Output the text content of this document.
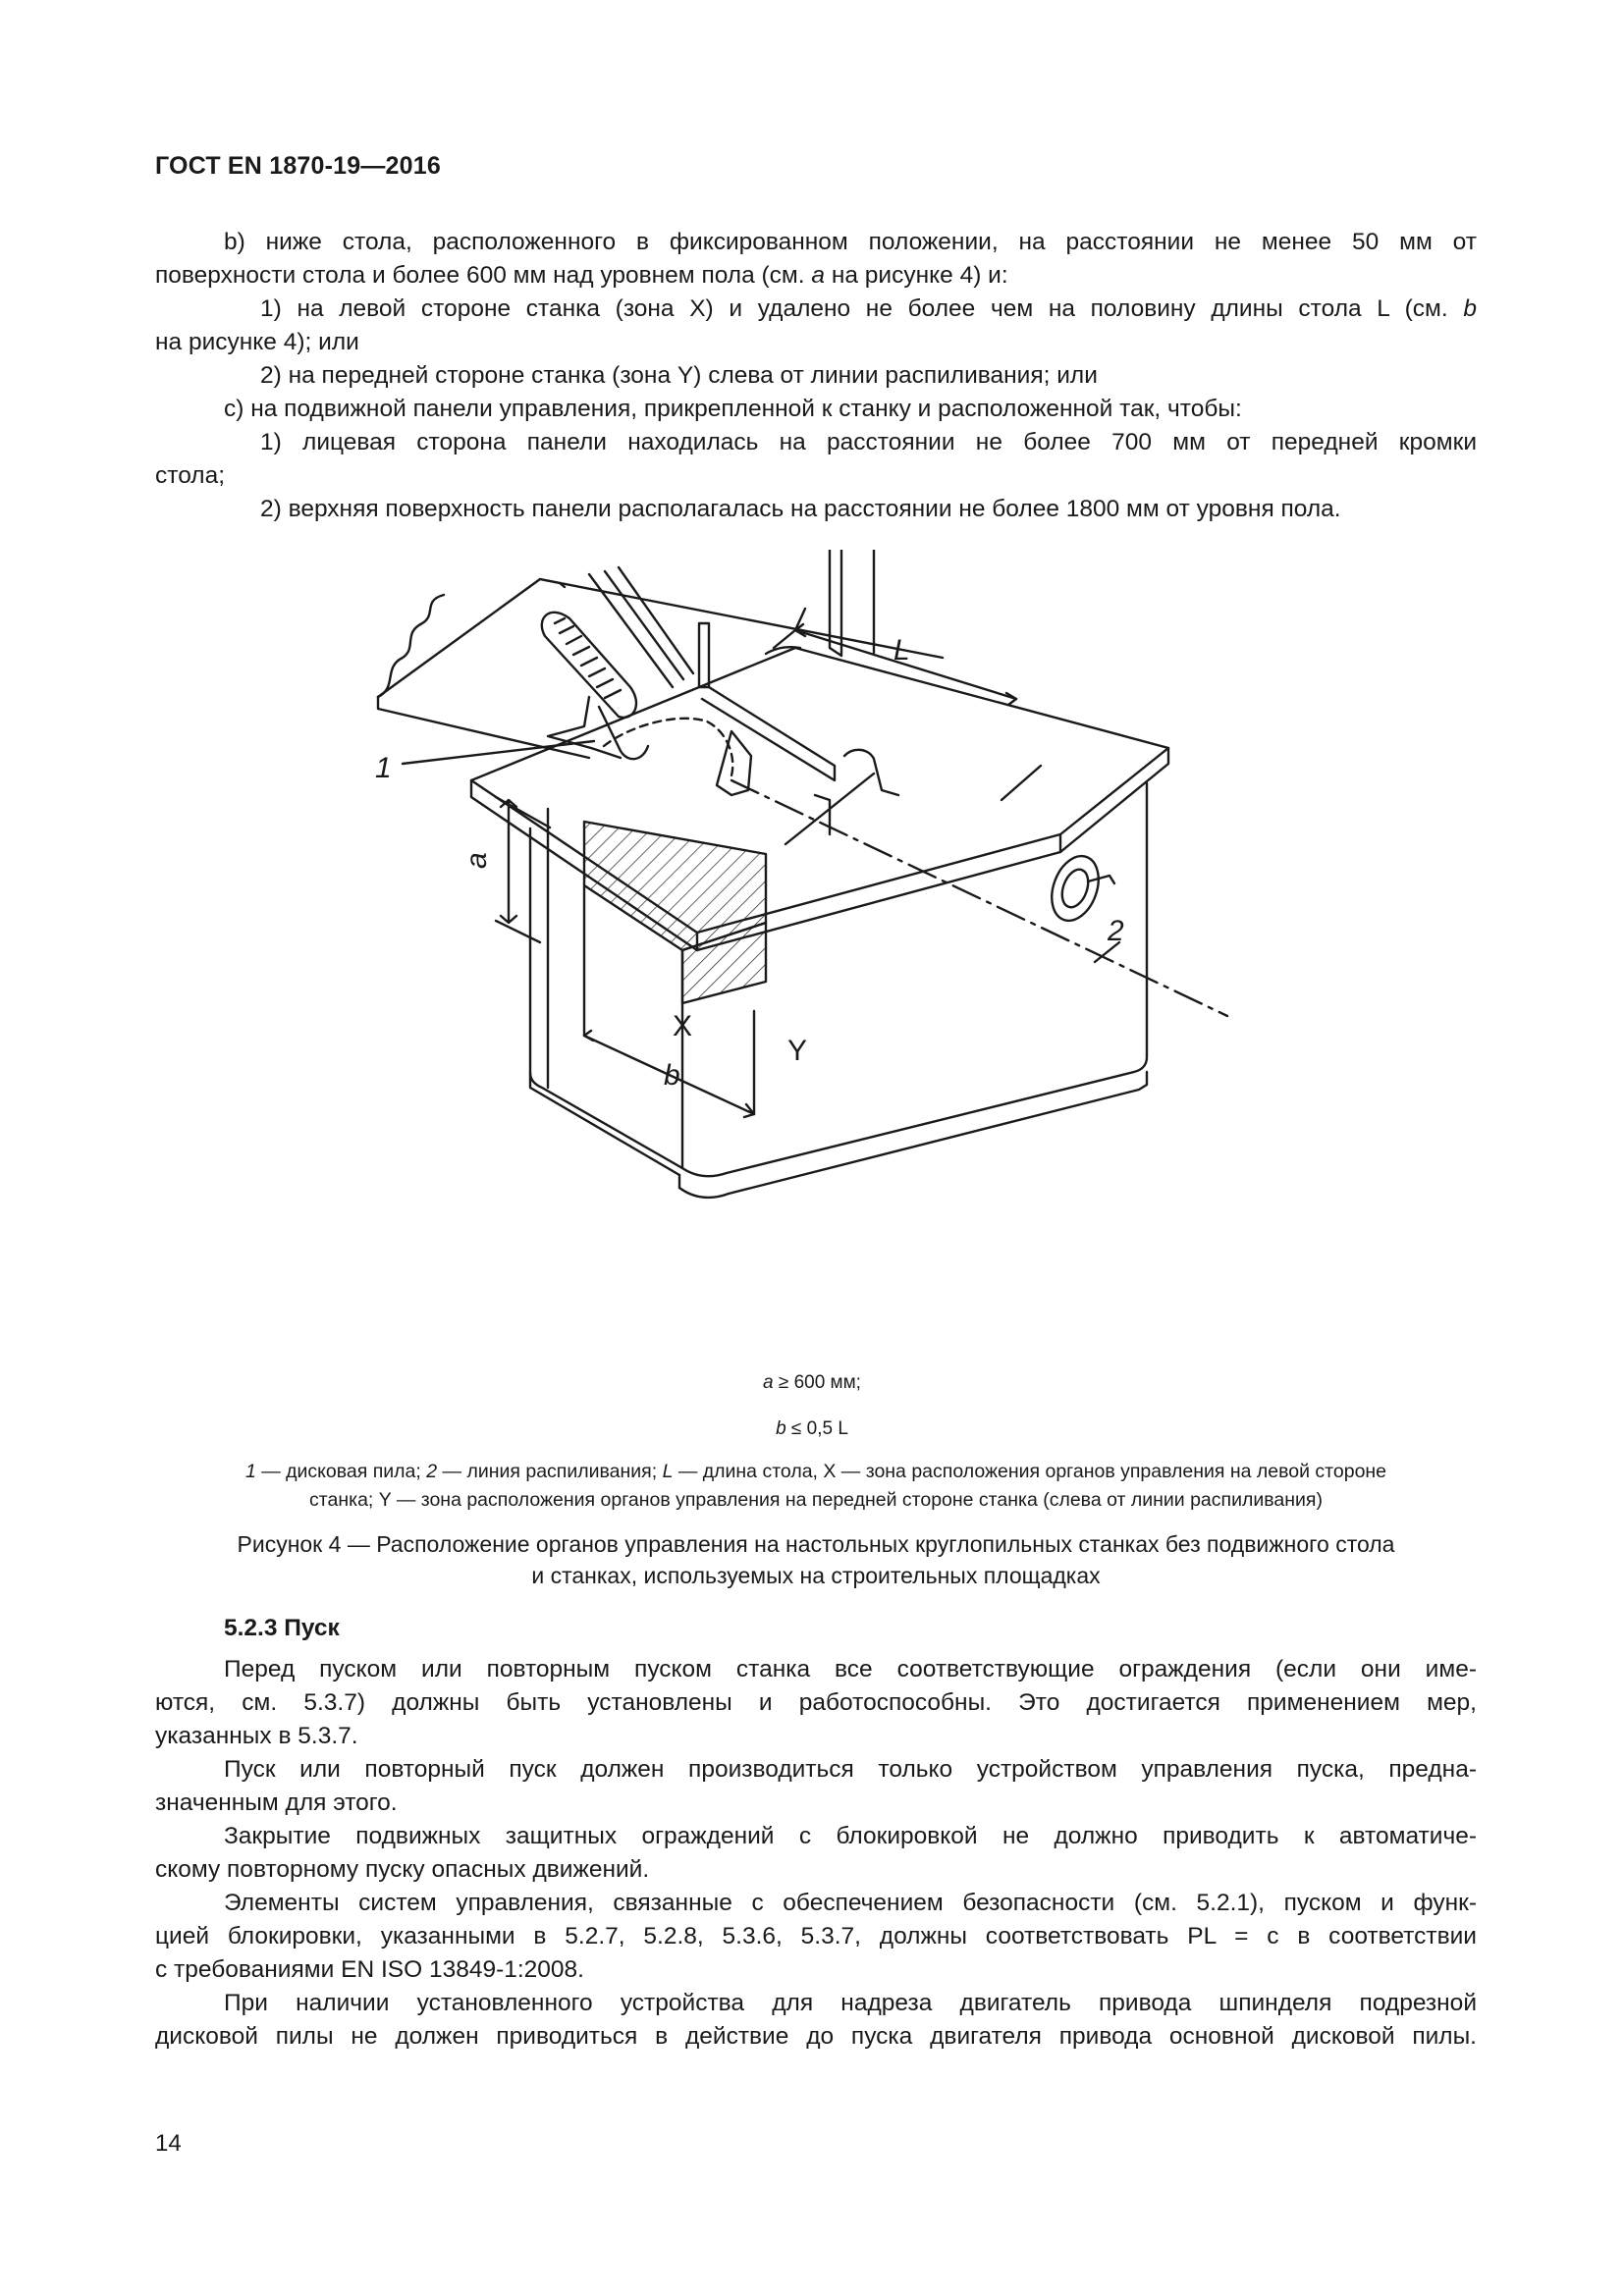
ГОСТ EN 1870-19—2016

b) ниже стола, расположенного в фиксированном положении, на расстоянии не менее 50 мм от

поверхности стола и более 600 мм над уровнем пола (см. a на рисунке 4) и:

1) на левой стороне станка (зона X) и удалено не более чем на половину длины стола L (см. b

на рисунке 4); или

2) на передней стороне станка (зона Y) слева от линии распиливания; или

c) на подвижной панели управления, прикрепленной к станку и расположенной так, чтобы:

1) лицевая сторона панели находилась на расстоянии не более 700 мм от передней кромки

стола;

2) верхняя поверхность панели располагалась на расстоянии не более 1800 мм от уровня пола.

1
2
L
a
b
X
Y
a ≥ 600 мм;
b ≤ 0,5 L
1 — дисковая пила; 2 — линия распиливания; L — длина стола, X — зона расположения органов управления на левой стороне
станка; Y — зона расположения органов управления на передней стороне станка (слева от линии распиливания)
Рисунок 4 — Расположение органов управления на настольных круглопильных станках без подвижного стола
и станках, используемых на строительных площадках
5.2.3 Пуск

Перед пуском или повторным пуском станка все соответствующие ограждения (если они име-

ются, см. 5.3.7) должны быть установлены и работоспособны. Это достигается применением мер,

указанных в 5.3.7.

Пуск или повторный пуск должен производиться только устройством управления пуска, предна-

значенным для этого.

Закрытие подвижных защитных ограждений с блокировкой не должно приводить к автоматиче-

скому повторному пуску опасных движений.

Элементы систем управления, связанные с обеспечением безопасности (см. 5.2.1), пуском и функ-

цией блокировки, указанными в 5.2.7, 5.2.8, 5.3.6, 5.3.7, должны соответствовать PL = c в соответствии

с требованиями EN ISO 13849-1:2008.

При наличии установленного устройства для надреза двигатель привода шпинделя подрезной

дисковой пилы не должен приводиться в действие до пуска двигателя привода основной дисковой пилы.

14
